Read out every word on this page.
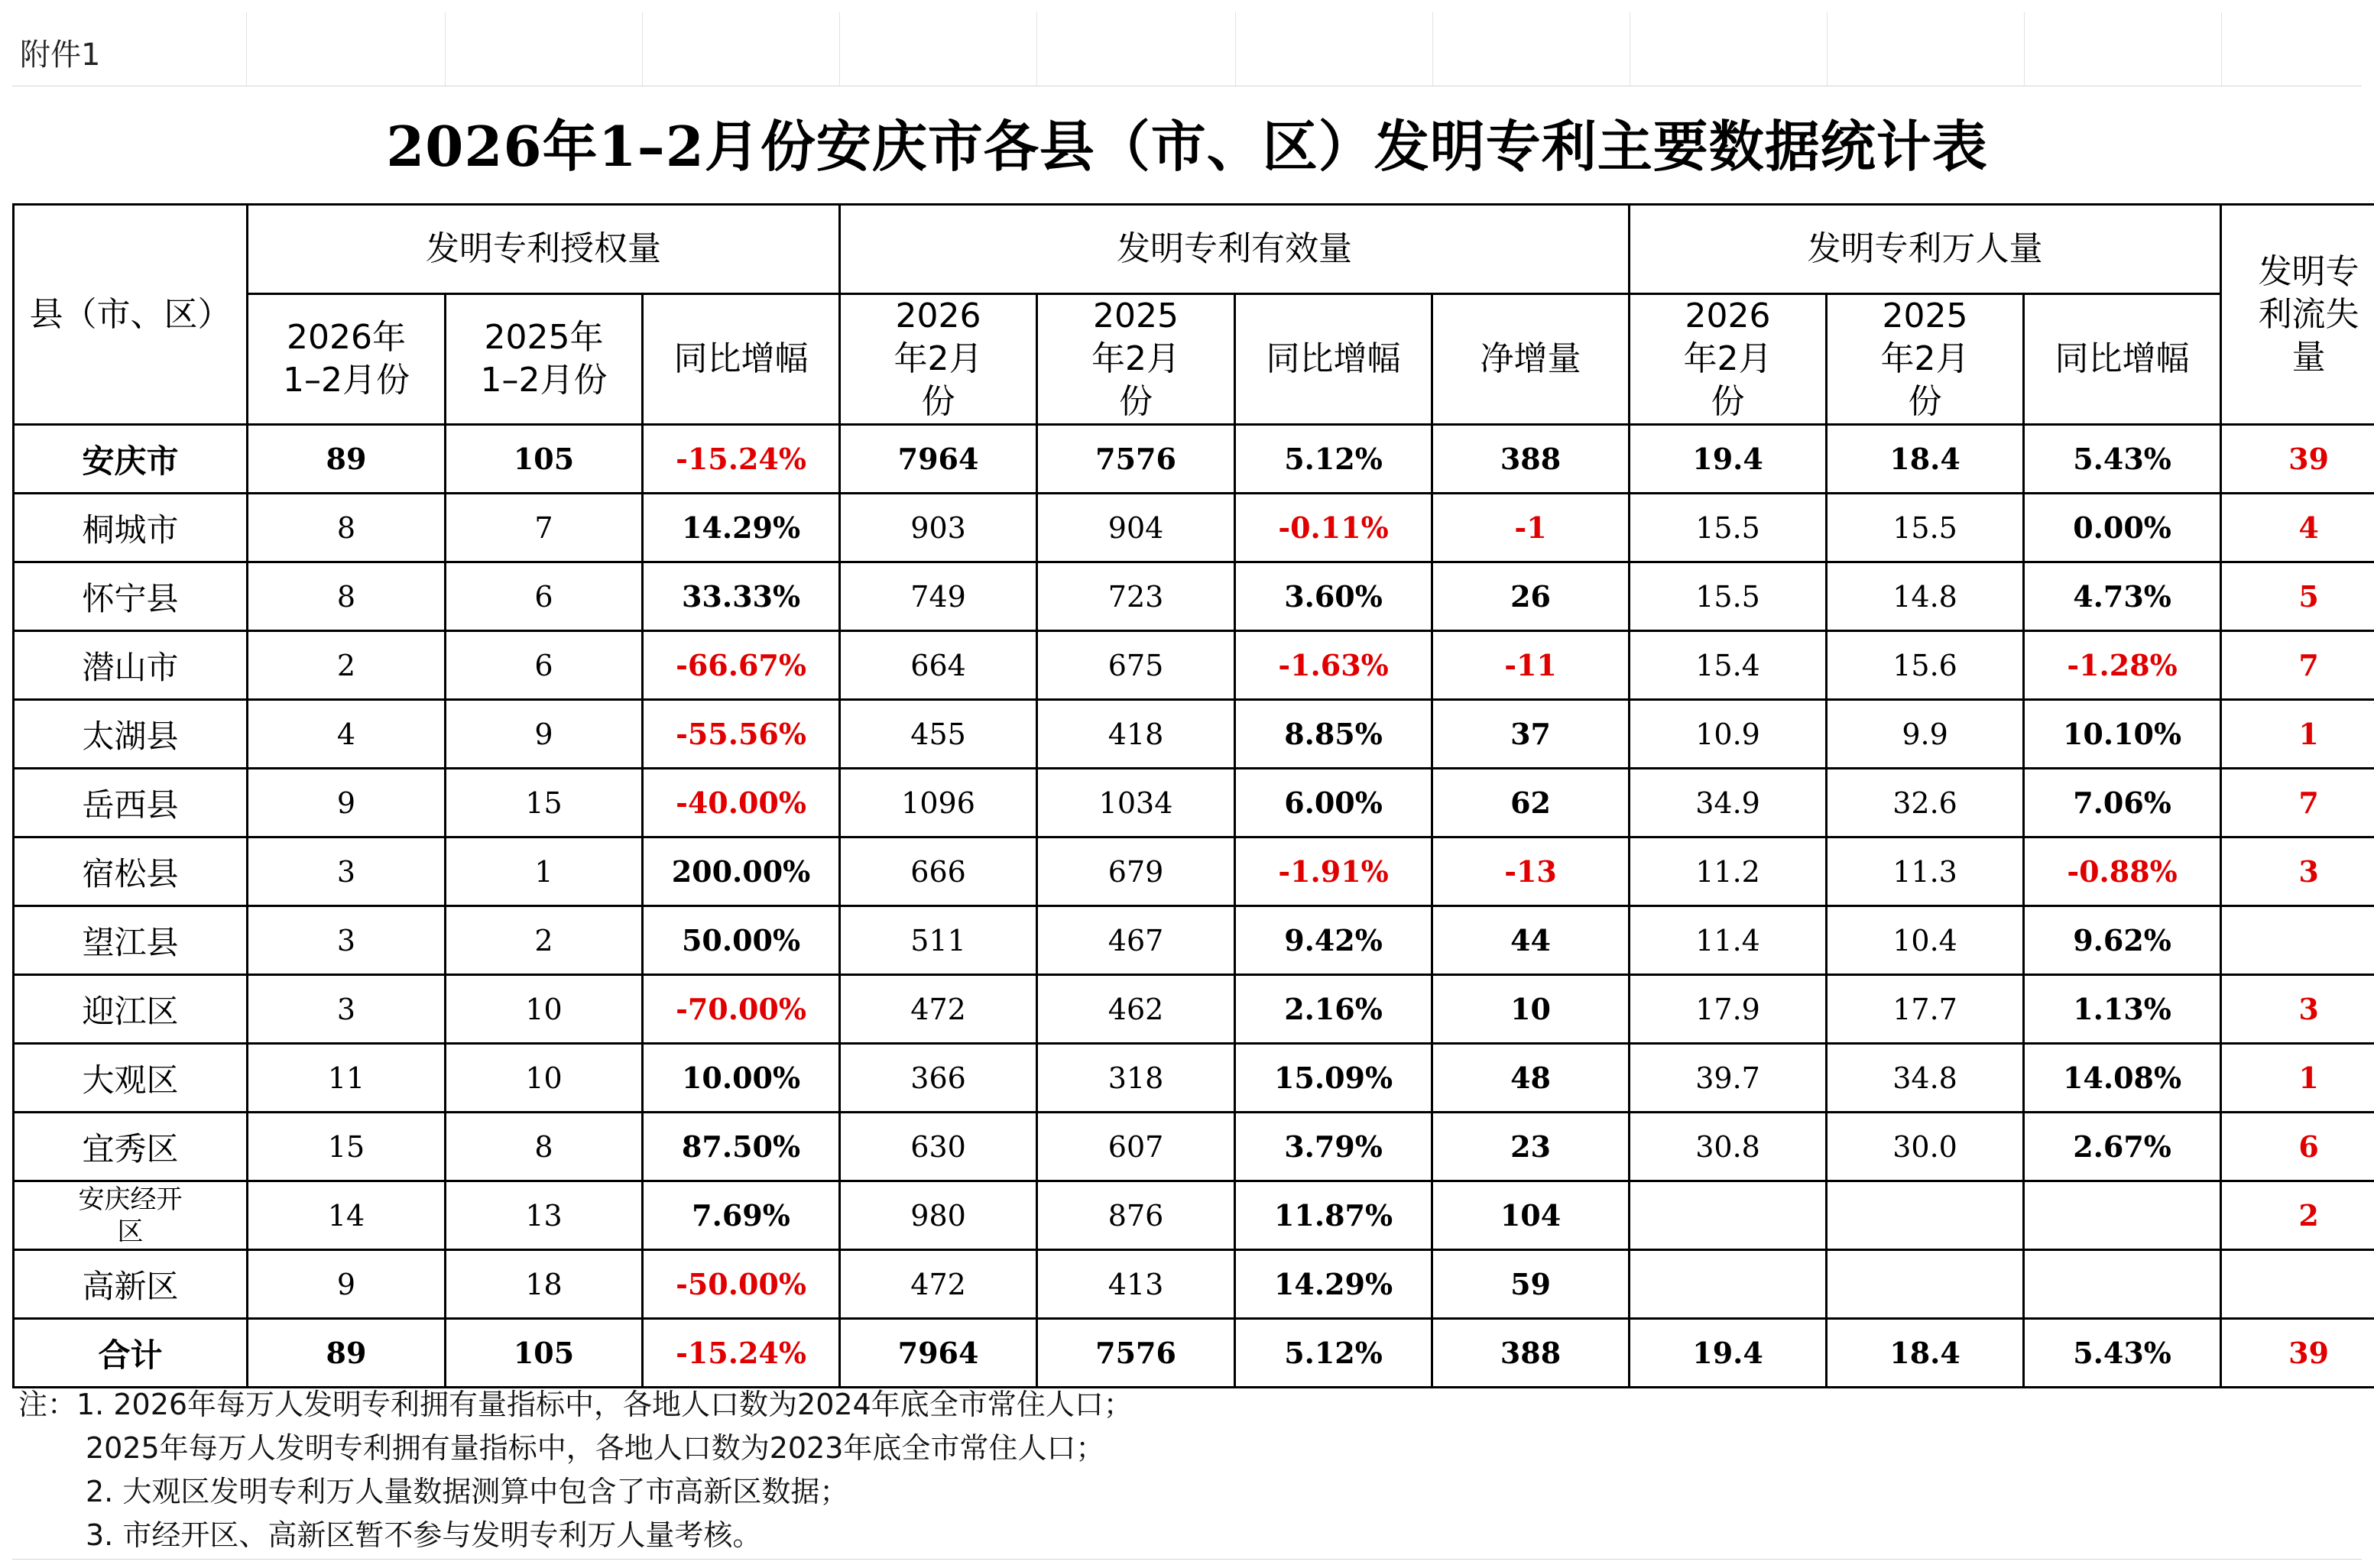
附件1
2026年1–2月份安庆市各县（市、区）发明专利主要数据统计表
县（市、区）	发明专利授权量			发明专利有效量				发明专利万人量			发明专利流失量

	2026年1–2月份	2025年1–2月份	同比增幅	2026年2月份	2025年2月份	同比增幅	净增量	2026年2月份	2025年2月份	同比增幅	
安庆市	89	105	-15.24%	7964	7576	5.12%	388	19.4	18.4	5.43%	39
桐城市	8	7	14.29%	903	904	-0.11%	-1	15.5	15.5	0.00%	4
怀宁县	8	6	33.33%	749	723	3.60%	26	15.5	14.8	4.73%	5
潜山市	2	6	-66.67%	664	675	-1.63%	-11	15.4	15.6	-1.28%	7
太湖县	4	9	-55.56%	455	418	8.85%	37	10.9	9.9	10.10%	1
岳西县	9	15	-40.00%	1096	1034	6.00%	62	34.9	32.6	7.06%	7
宿松县	3	1	200.00%	666	679	-1.91%	-13	11.2	11.3	-0.88%	3
望江县	3	2	50.00%	511	467	9.42%	44	11.4	10.4	9.62%	
迎江区	3	10	-70.00%	472	462	2.16%	10	17.9	17.7	1.13%	3
大观区	11	10	10.00%	366	318	15.09%	48	39.7	34.8	14.08%	1
宜秀区	15	8	87.50%	630	607	3.79%	23	30.8	30.0	2.67%	6
安庆经开区	14	13	7.69%	980	876	11.87%	104				2
高新区	9	18	-50.00%	472	413	14.29%	59				
合计	89	105	-15.24%	7964	7576	5.12%	388	19.4	18.4	5.43%	39
注：1. 2026年每万人发明专利拥有量指标中，各地人口数为2024年底全市常住人口；
2025年每万人发明专利拥有量指标中，各地人口数为2023年底全市常住人口；
2. 大观区发明专利万人量数据测算中包含了市高新区数据；
3. 市经开区、高新区暂不参与发明专利万人量考核。
